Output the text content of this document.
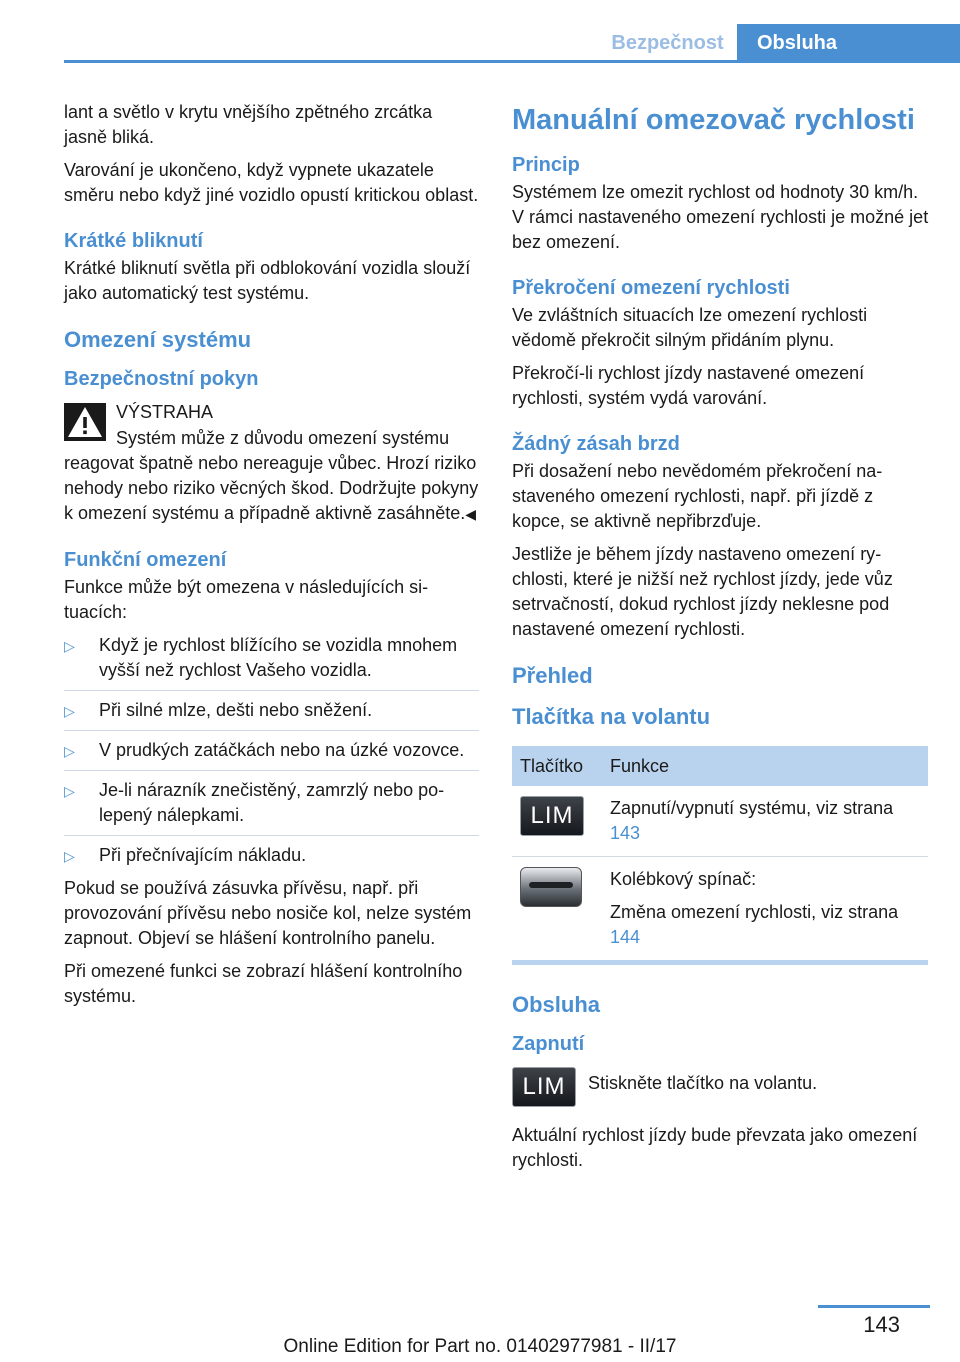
Bezpečnost	Obsluha

lant a světlo v krytu vnějšího zpětného zrcátka jasně bliká.

Varování je ukončeno, když vypnete ukazatele směru nebo když jiné vozidlo opustí kritickou oblast.

Krátké bliknutí

Krátké bliknutí světla při odblokování vozidla slouží jako automatický test systému.

Omezení systému
Bezpečnostní pokyn
VÝSTRAHA

Systém může z důvodu omezení systému reagovat špatně nebo nereaguje vůbec. Hrozí riziko nehody nebo riziko věcných škod. Dodržujte pokyny k omezení systému a případně aktivně zasáhněte.◀

Funkční omezení

Funkce může být omezena v následujících situacích:

▷ Když je rychlost blížícího se vozidla mnohem vyšší než rychlost Vašeho vozidla.
▷ Při silné mlze, dešti nebo sněžení.
▷ V prudkých zatáčkách nebo na úzké vozovce.
▷ Je-li nárazník znečistěný, zamrzlý nebo polepený nálepkami.
▷ Při přečnívajícím nákladu.

Pokud se používá zásuvka přívěsu, např. při provozování přívěsu nebo nosiče kol, nelze systém zapnout. Objeví se hlášení kontrolního panelu.

Při omezené funkci se zobrazí hlášení kontrolního systému.

Manuální omezovač rychlosti
Princip

Systémem lze omezit rychlost od hodnoty 30 km/h. V rámci nastaveného omezení rychlosti je možné jet bez omezení.

Překročení omezení rychlosti

Ve zvláštních situacích lze omezení rychlosti vědomě překročit silným přidáním plynu.

Překročí-li rychlost jízdy nastavené omezení rychlosti, systém vydá varování.

Žádný zásah brzd

Při dosažení nebo nevědomém překročení nastaveného omezení rychlosti, např. při jízdě z kopce, se aktivně nepřibrzďuje.

Jestliže je během jízdy nastaveno omezení rychlosti, které je nižší než rychlost jízdy, jede vůz setrvačností, dokud rychlost jízdy neklesne pod nastavené omezení rychlosti.

Přehled
Tlačítka na volantu
Tlačítko	Funkce

LIM	Zapnutí/vypnutí systému, viz strana 143

	Kolébkový spínač:
Změna omezení rychlosti, viz strana 144
Obsluha
Zapnutí
LIM	Stiskněte tlačítko na volantu.

Aktuální rychlost jízdy bude převzata jako omezení rychlosti.

143
Online Edition for Part no. 01402977981 - II/17
